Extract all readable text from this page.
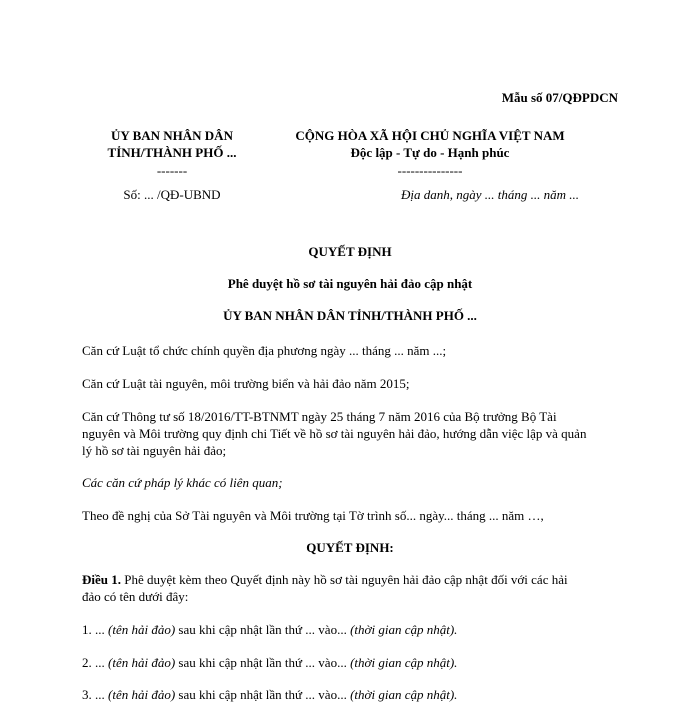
Mẫu số 07/QĐPDCN
ỦY BAN NHÂN DÂN
TỈNH/THÀNH PHỐ ...
-------
Số: ... /QĐ-UBND
CỘNG HÒA XÃ HỘI CHỦ NGHĨA VIỆT NAM
Độc lập - Tự do - Hạnh phúc
---------------
Địa danh, ngày ... tháng ... năm ...
QUYẾT ĐỊNH
Phê duyệt hồ sơ tài nguyên hải đảo cập nhật
ỦY BAN NHÂN DÂN TỈNH/THÀNH PHỐ ...
Căn cứ Luật tổ chức chính quyền địa phương ngày ... tháng ... năm ...;
Căn cứ Luật tài nguyên, môi trường biển và hải đảo năm 2015;
Căn cứ Thông tư số 18/2016/TT-BTNMT ngày 25 tháng 7 năm 2016 của Bộ trưởng Bộ Tài
nguyên và Môi trường quy định chi Tiết về hồ sơ tài nguyên hải đảo, hướng dẫn việc lập và quản
lý hồ sơ tài nguyên hải đảo;
Các căn cứ pháp lý khác có liên quan;
Theo đề nghị của Sở Tài nguyên và Môi trường tại Tờ trình số... ngày... tháng ... năm …,
QUYẾT ĐỊNH:
Điều 1. Phê duyệt kèm theo Quyết định này hồ sơ tài nguyên hải đảo cập nhật đối với các hải
đảo có tên dưới đây:
1. ... (tên hải đảo) sau khi cập nhật lần thứ ... vào... (thời gian cập nhật).
2. ... (tên hải đảo) sau khi cập nhật lần thứ ... vào... (thời gian cập nhật).
3. ... (tên hải đảo) sau khi cập nhật lần thứ ... vào... (thời gian cập nhật).
